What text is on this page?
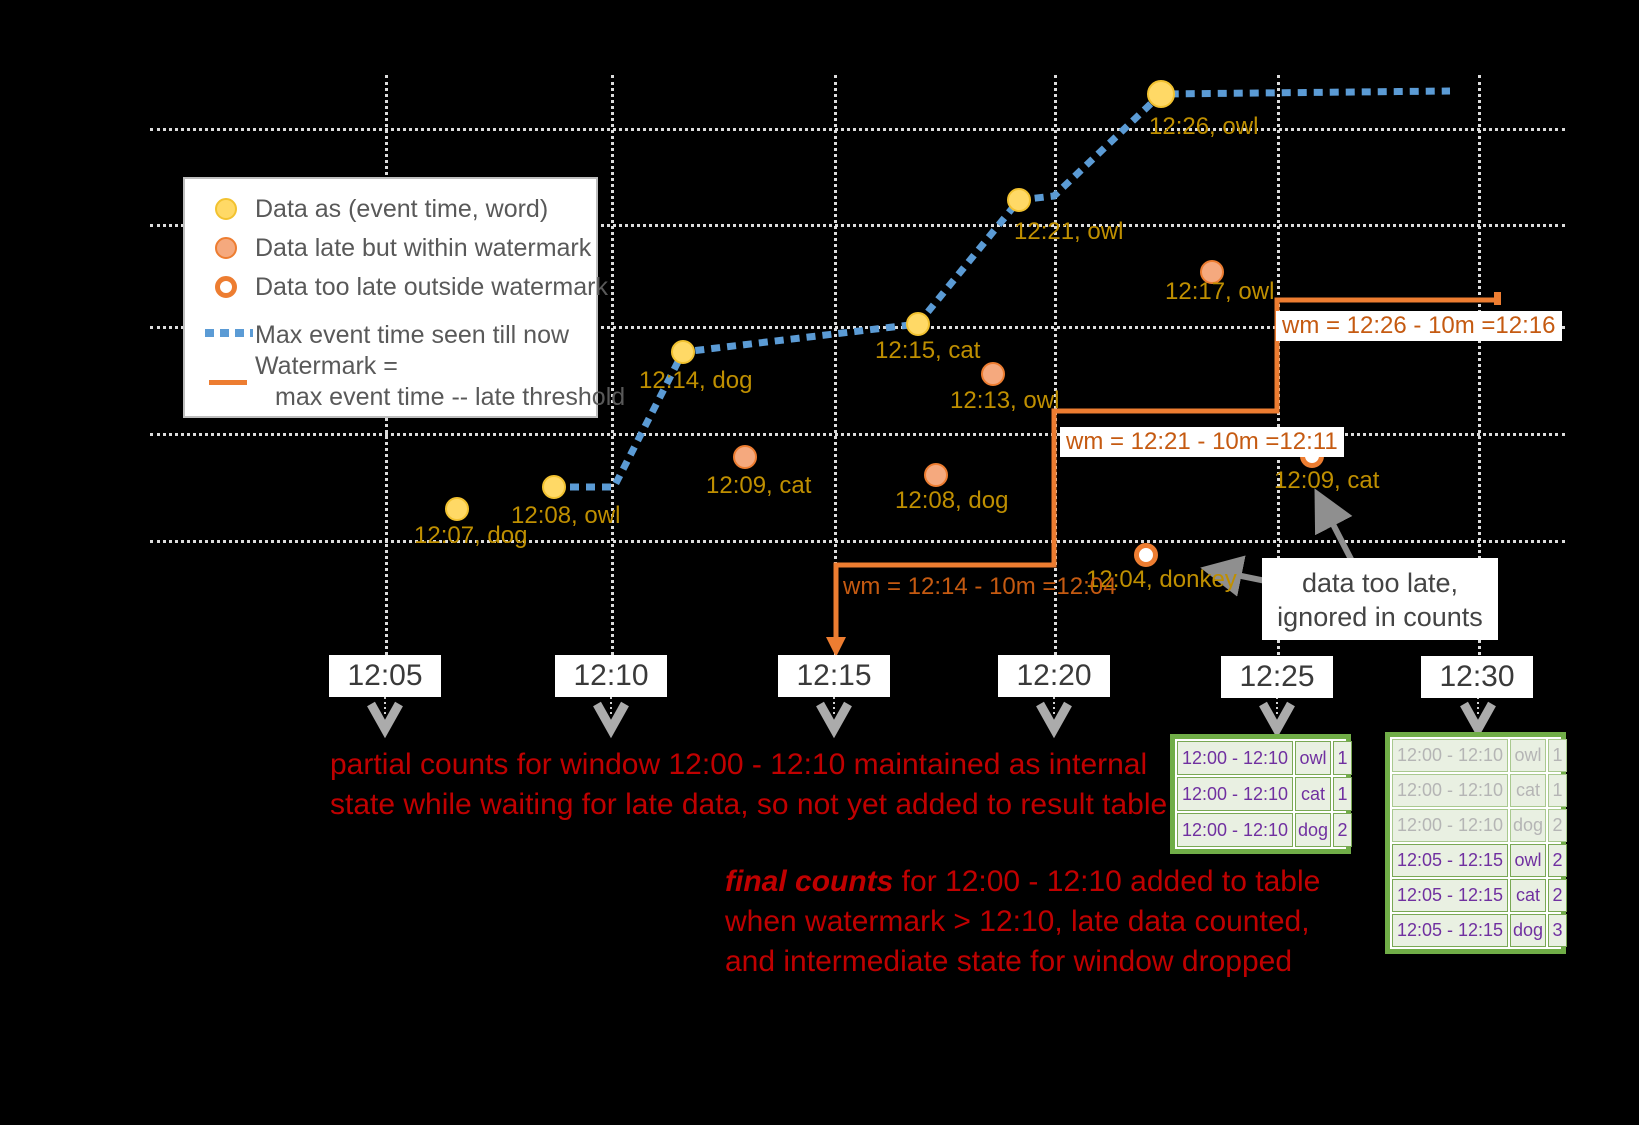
Data as (event time, word)
Data late but within watermark
Data too late outside watermark
Max event time seen till now
Watermark =
max event time -- late threshold
12:07, dog
12:08, owl
12:14, dog
12:09, cat
12:15, cat
12:13, owl
12:08, dog
12:21, owl
12:26, owl
12:17, owl
12:04, donkey
12:09, cat
wm = 12:14 - 10m =12:04
wm = 12:21 - 10m =12:11
wm = 12:26 - 10m =12:16
12:05	12:10	12:15	12:20	12:25	12:30
data too late,
ignored in counts
partial counts for window 12:00 - 12:10 maintained as internal
state while waiting for late data, so not yet added to result table
final counts for 12:00 - 12:10 added to table
when watermark > 12:10, late data counted,
and intermediate state for window dropped
12:00 - 12:10 owl 1
12:00 - 12:10 cat 1
12:00 - 12:10 dog 2
12:00 - 12:10 owl 1
12:00 - 12:10 cat 1
12:00 - 12:10 dog 2
12:05 - 12:15 owl 2
12:05 - 12:15 cat 2
12:05 - 12:15 dog 3
